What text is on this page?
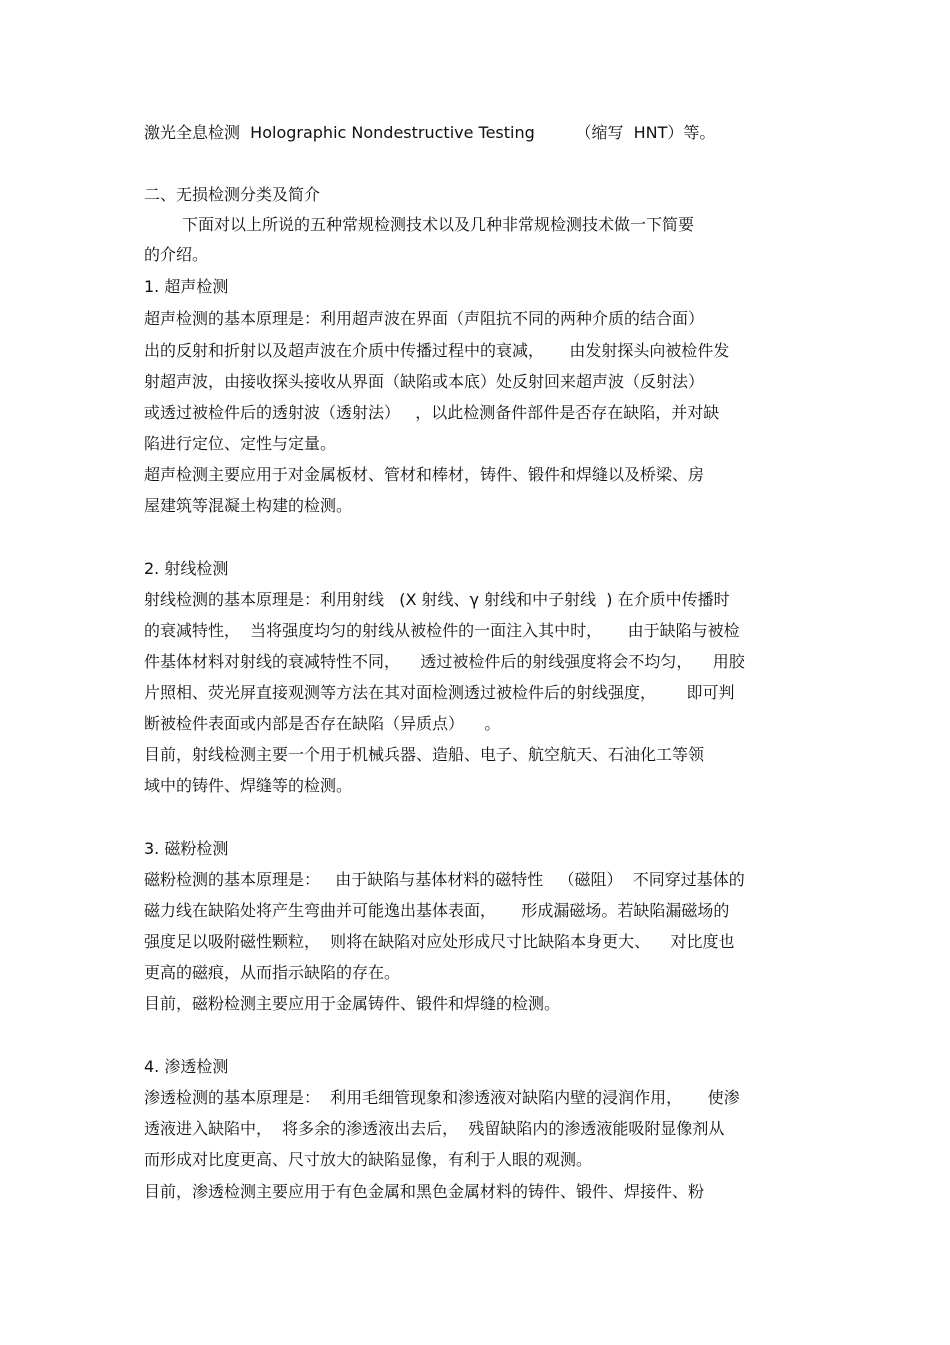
激光全息检测  Holographic Nondestructive Testing        （缩写  HNT）等。
二、无损检测分类及简介
下面对以上所说的五种常规检测技术以及几种非常规检测技术做一下简要
的介绍。
1. 超声检测
超声检测的基本原理是：利用超声波在界面（声阻抗不同的两种介质的结合面）
出的反射和折射以及超声波在介质中传播过程中的衰减，     由发射探头向被检件发
射超声波，由接收探头接收从界面（缺陷或本底）处反射回来超声波（反射法）
或透过被检件后的透射波（透射法）   ，以此检测备件部件是否存在缺陷，并对缺
陷进行定位、定性与定量。
超声检测主要应用于对金属板材、管材和棒材，铸件、锻件和焊缝以及桥梁、房
屋建筑等混凝土构建的检测。
2. 射线检测
射线检测的基本原理是：利用射线   (X 射线、γ 射线和中子射线  ) 在介质中传播时
的衰减特性，  当将强度均匀的射线从被检件的一面注入其中时，     由于缺陷与被检
件基体材料对射线的衰减特性不同，    透过被检件后的射线强度将会不均匀，    用胶
片照相、荧光屏直接观测等方法在其对面检测透过被检件后的射线强度，      即可判
断被检件表面或内部是否存在缺陷（异质点）    。
目前，射线检测主要一个用于机械兵器、造船、电子、航空航天、石油化工等领
域中的铸件、焊缝等的检测。
3. 磁粉检测
磁粉检测的基本原理是：   由于缺陷与基体材料的磁特性   （磁阻）  不同穿过基体的
磁力线在缺陷处将产生弯曲并可能逸出基体表面，     形成漏磁场。若缺陷漏磁场的
强度足以吸附磁性颗粒，  则将在缺陷对应处形成尺寸比缺陷本身更大、    对比度也
更高的磁痕，从而指示缺陷的存在。
目前，磁粉检测主要应用于金属铸件、锻件和焊缝的检测。
4. 渗透检测
渗透检测的基本原理是：  利用毛细管现象和渗透液对缺陷内壁的浸润作用，     使渗
透液进入缺陷中，  将多余的渗透液出去后，  残留缺陷内的渗透液能吸附显像剂从
而形成对比度更高、尺寸放大的缺陷显像，有利于人眼的观测。
目前，渗透检测主要应用于有色金属和黑色金属材料的铸件、锻件、焊接件、粉
